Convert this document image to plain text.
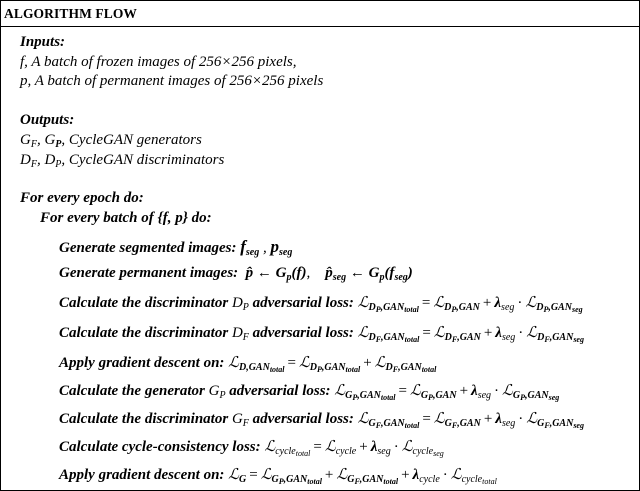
ALGORITHM FLOW
Inputs:
f, A batch of frozen images of 256×256 pixels,
p, A batch of permanent images of 256×256 pixels
Outputs:
$G_F$, $G_P$, CycleGAN generators
$D_F$, $D_P$, CycleGAN discriminators
For every epoch do:
For every batch of {f, p} do:
Generate segmented images: $f_{seg}$ , $p_{seg}$
Generate permanent images:  p̂ ← $G_p(f)$,    $p̂_{seg}$ ← $G_p(f_{seg})$
Calculate the discriminator $D_P$ adversarial loss: ℒ$_{D_P,GAN_{total}}$ = ℒ$_{D_P,GAN}$ + $\lambda_{seg}$ · ℒ$_{D_P,GAN_{seg}}$
Calculate the discriminator $D_F$ adversarial loss: ℒ$_{D_F,GAN_{total}}$ = ℒ$_{D_F,GAN}$ + $\lambda_{seg}$ · ℒ$_{D_F,GAN_{seg}}$
Apply gradient descent on: ℒ$_{D,GAN_{total}}$ = ℒ$_{D_P,GAN_{total}}$ + ℒ$_{D_F,GAN_{total}}$
Calculate the generator $G_P$ adversarial loss: ℒ$_{G_P,GAN_{total}}$ = ℒ$_{G_P,GAN}$ + $\lambda_{seg}$ · ℒ$_{G_P,GAN_{seg}}$
Calculate the discriminator $G_F$ adversarial loss: ℒ$_{G_F,GAN_{total}}$ = ℒ$_{G_F,GAN}$ + $\lambda_{seg}$ · ℒ$_{G_F,GAN_{seg}}$
Calculate cycle-consistency loss: ℒ$_{cycle_{total}}$ = ℒ$_{cycle}$ + $\lambda_{seg}$ · ℒ$_{cycle_{seg}}$
Apply gradient descent on: ℒ$_G$ = ℒ$_{G_P,GAN_{total}}$ + ℒ$_{G_F,GAN_{total}}$ + $\lambda_{cycle}$ · ℒ$_{cycle_{total}}$
